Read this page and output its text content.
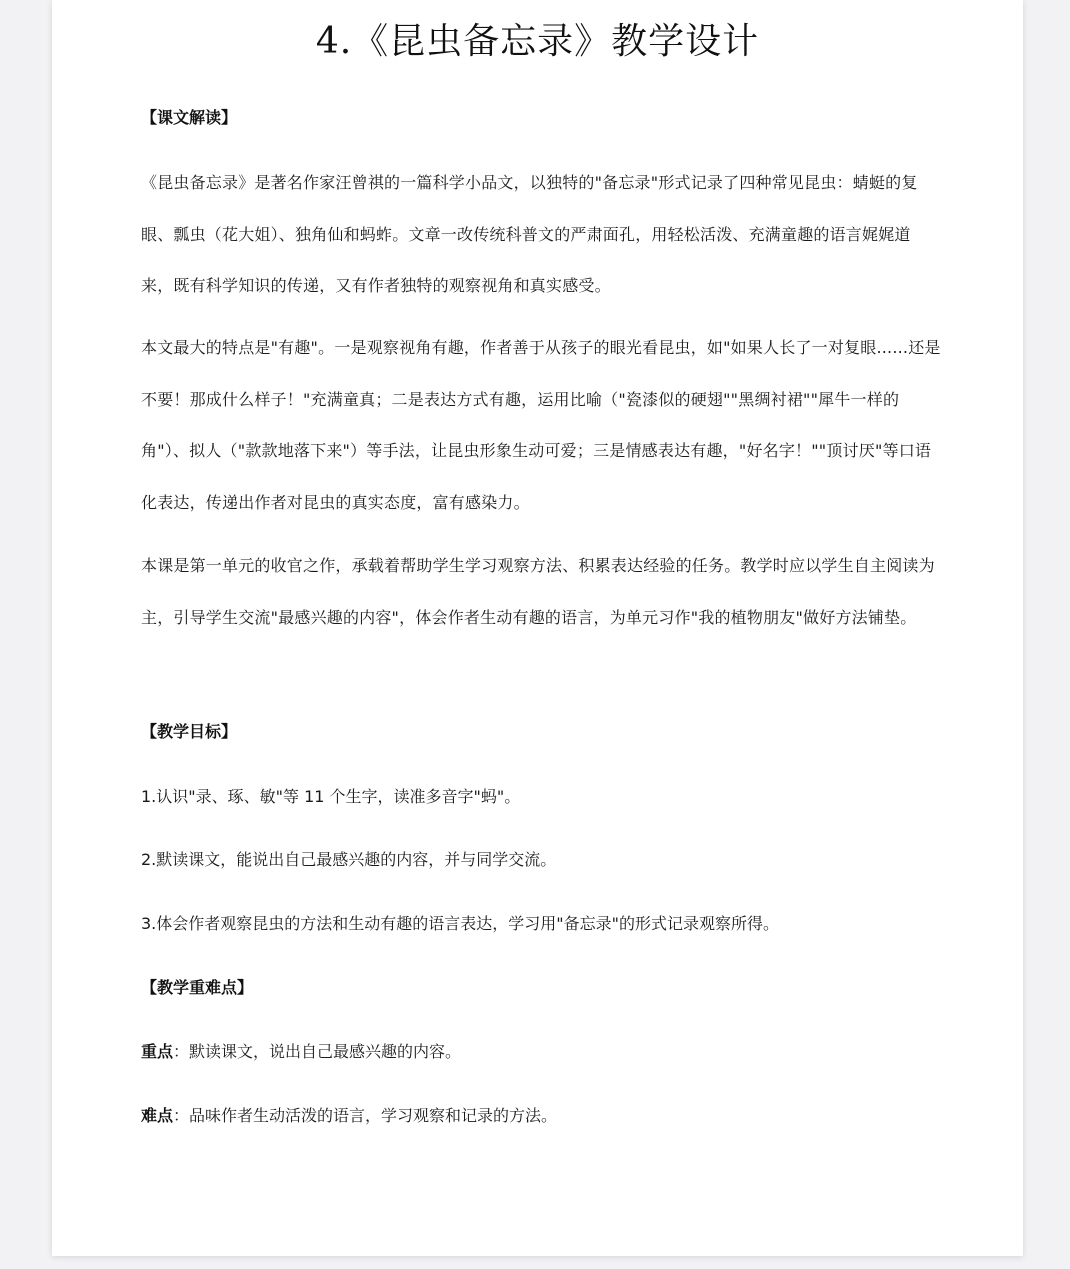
4.《昆虫备忘录》教学设计
【课文解读】
《昆虫备忘录》是著名作家汪曾祺的一篇科学小品文，以独特的"备忘录"形式记录了四种常见昆虫：蜻蜓的复眼、瓢虫（花大姐）、独角仙和蚂蚱。文章一改传统科普文的严肃面孔，用轻松活泼、充满童趣的语言娓娓道来，既有科学知识的传递，又有作者独特的观察视角和真实感受。
本文最大的特点是"有趣"。一是观察视角有趣，作者善于从孩子的眼光看昆虫，如"如果人长了一对复眼......还是不要！那成什么样子！"充满童真；二是表达方式有趣，运用比喻（"瓷漆似的硬翅""黑绸衬裙""犀牛一样的角"）、拟人（"款款地落下来"）等手法，让昆虫形象生动可爱；三是情感表达有趣，"好名字！""顶讨厌"等口语化表达，传递出作者对昆虫的真实态度，富有感染力。
本课是第一单元的收官之作，承载着帮助学生学习观察方法、积累表达经验的任务。教学时应以学生自主阅读为主，引导学生交流"最感兴趣的内容"，体会作者生动有趣的语言，为单元习作"我的植物朋友"做好方法铺垫。
【教学目标】
1.认识"录、琢、敏"等 11 个生字，读准多音字"蚂"。
2.默读课文，能说出自己最感兴趣的内容，并与同学交流。
3.体会作者观察昆虫的方法和生动有趣的语言表达，学习用"备忘录"的形式记录观察所得。
【教学重难点】
重点：默读课文，说出自己最感兴趣的内容。
难点：品味作者生动活泼的语言，学习观察和记录的方法。
